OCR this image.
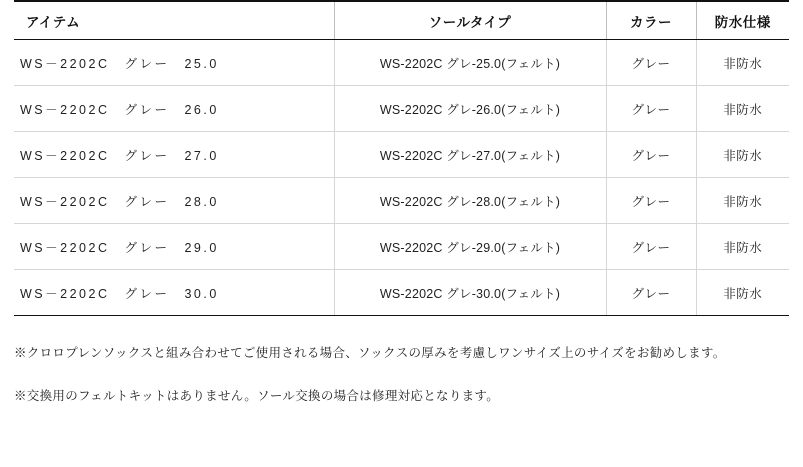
アイテム	ソールタイプ	カラー	防水仕様
WS－2202C　グレー　25.0	WS-2202C グレ-25.0(フェルト)	グレー	非防水
WS－2202C　グレー　26.0	WS-2202C グレ-26.0(フェルト)	グレー	非防水
WS－2202C　グレー　27.0	WS-2202C グレ-27.0(フェルト)	グレー	非防水
WS－2202C　グレー　28.0	WS-2202C グレ-28.0(フェルト)	グレー	非防水
WS－2202C　グレー　29.0	WS-2202C グレ-29.0(フェルト)	グレー	非防水
WS－2202C　グレー　30.0	WS-2202C グレ-30.0(フェルト)	グレー	非防水
※クロロプレンソックスと組み合わせてご使用される場合、ソックスの厚みを考慮しワンサイズ上のサイズをお勧めします。
※交換用のフェルトキットはありません。ソール交換の場合は修理対応となります。
